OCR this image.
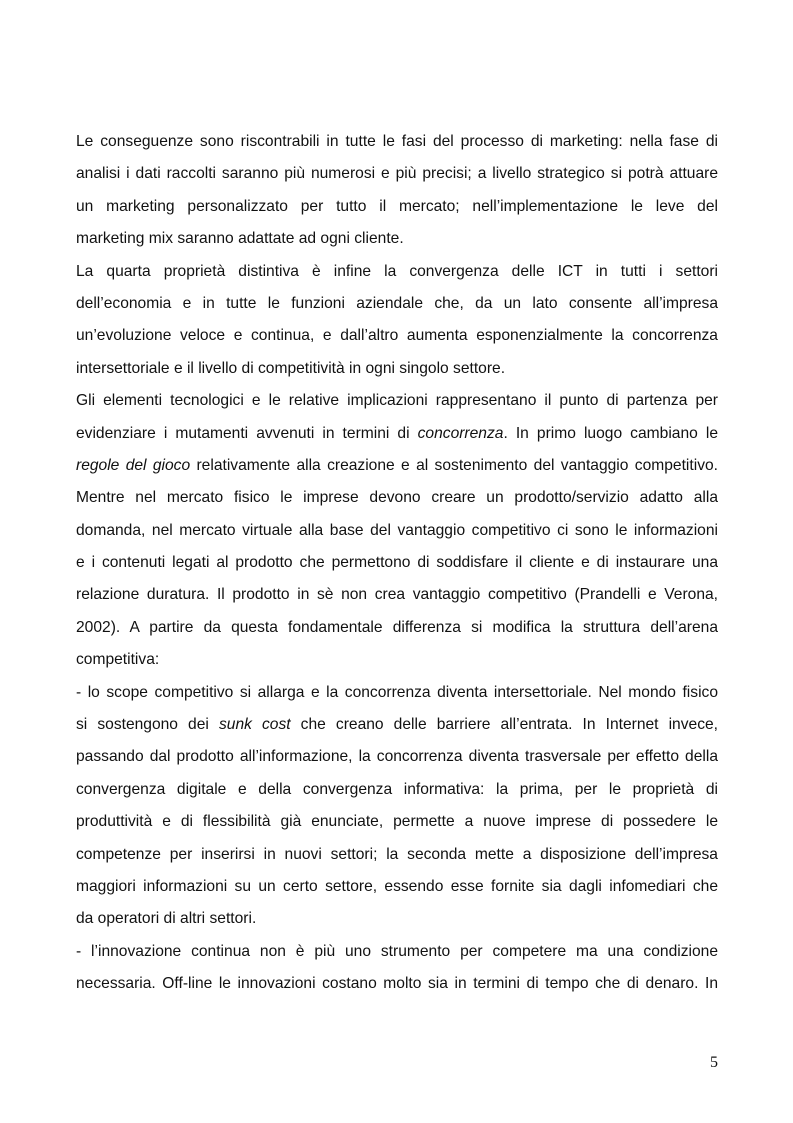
Le conseguenze sono riscontrabili in tutte le fasi del processo di marketing: nella fase di
analisi i dati raccolti saranno più numerosi e più precisi; a livello strategico si potrà attuare
un marketing personalizzato per tutto il mercato; nell’implementazione le leve del
marketing mix saranno adattate ad ogni cliente.
La quarta proprietà distintiva è infine la convergenza delle ICT in tutti i settori
dell’economia e in tutte le funzioni aziendale che, da un lato consente all’impresa
un’evoluzione veloce e continua, e dall’altro aumenta esponenzialmente la concorrenza
intersettoriale e il livello di competitività in ogni singolo settore.
Gli elementi tecnologici e le relative implicazioni rappresentano il punto di partenza per
evidenziare i mutamenti avvenuti in termini di concorrenza. In primo luogo cambiano le
regole del gioco relativamente alla creazione e al sostenimento del vantaggio competitivo.
Mentre nel mercato fisico le imprese devono creare un prodotto/servizio adatto alla
domanda, nel mercato virtuale alla base del vantaggio competitivo ci sono le informazioni
e i contenuti legati al prodotto che permettono di soddisfare il cliente e di instaurare una
relazione duratura. Il prodotto in sè non crea vantaggio competitivo (Prandelli e Verona,
2002). A partire da questa fondamentale differenza si modifica la struttura dell’arena
competitiva:
- lo scope competitivo si allarga e la concorrenza diventa intersettoriale. Nel mondo fisico
si sostengono dei sunk cost che creano delle barriere all’entrata. In Internet invece,
passando dal prodotto all’informazione, la concorrenza diventa trasversale per effetto della
convergenza digitale e della convergenza informativa: la prima, per le proprietà di
produttività e di flessibilità già enunciate, permette a nuove imprese di possedere le
competenze per inserirsi in nuovi settori; la seconda mette a disposizione dell’impresa
maggiori informazioni su un certo settore, essendo esse fornite sia dagli infomediari che
da operatori di altri settori.
- l’innovazione continua non è più uno strumento per competere ma una condizione
necessaria. Off-line le innovazioni costano molto sia in termini di tempo che di denaro. In
5
